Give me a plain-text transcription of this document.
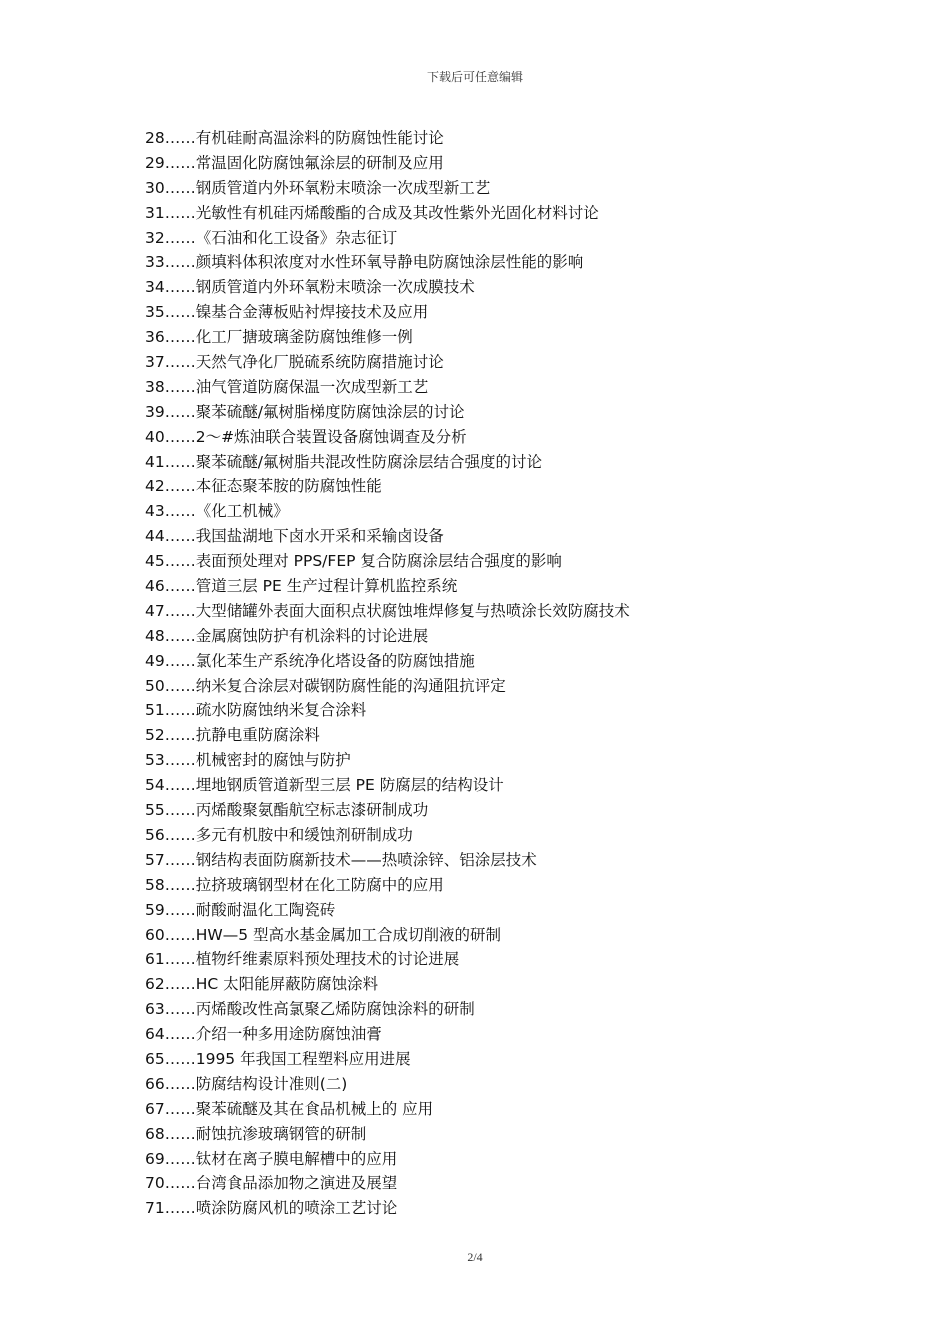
下载后可任意编辑
28……有机硅耐高温涂料的防腐蚀性能讨论
29……常温固化防腐蚀氟涂层的研制及应用
30……钢质管道内外环氧粉末喷涂一次成型新工艺
31……光敏性有机硅丙烯酸酯的合成及其改性紫外光固化材料讨论
32……《石油和化工设备》杂志征订
33……颜填料体积浓度对水性环氧导静电防腐蚀涂层性能的影响
34……钢质管道内外环氧粉末喷涂一次成膜技术
35……镍基合金薄板贴衬焊接技术及应用
36……化工厂搪玻璃釜防腐蚀维修一例
37……天然气净化厂脱硫系统防腐措施讨论
38……油气管道防腐保温一次成型新工艺
39……聚苯硫醚/氟树脂梯度防腐蚀涂层的讨论
40……2～#炼油联合装置设备腐蚀调查及分析
41……聚苯硫醚/氟树脂共混改性防腐涂层结合强度的讨论
42……本征态聚苯胺的防腐蚀性能
43……《化工机械》
44……我国盐湖地下卤水开采和采输卤设备
45……表面预处理对 PPS/FEP 复合防腐涂层结合强度的影响
46……管道三层 PE 生产过程计算机监控系统
47……大型储罐外表面大面积点状腐蚀堆焊修复与热喷涂长效防腐技术
48……金属腐蚀防护有机涂料的讨论进展
49……氯化苯生产系统净化塔设备的防腐蚀措施
50……纳米复合涂层对碳钢防腐性能的沟通阻抗评定
51……疏水防腐蚀纳米复合涂料
52……抗静电重防腐涂料
53……机械密封的腐蚀与防护
54……埋地钢质管道新型三层 PE 防腐层的结构设计
55……丙烯酸聚氨酯航空标志漆研制成功
56……多元有机胺中和缓蚀剂研制成功
57……钢结构表面防腐新技术——热喷涂锌、铝涂层技术
58……拉挤玻璃钢型材在化工防腐中的应用
59……耐酸耐温化工陶瓷砖
60……HW—5 型高水基金属加工合成切削液的研制
61……植物纤维素原料预处理技术的讨论进展
62……HC 太阳能屏蔽防腐蚀涂料
63……丙烯酸改性高氯聚乙烯防腐蚀涂料的研制
64……介绍一种多用途防腐蚀油膏
65……1995 年我国工程塑料应用进展
66……防腐结构设计准则(二)
67……聚苯硫醚及其在食品机械上的 应用
68……耐蚀抗渗玻璃钢管的研制
69……钛材在离子膜电解槽中的应用
70……台湾食品添加物之演进及展望
71……喷涂防腐风机的喷涂工艺讨论
2/4
